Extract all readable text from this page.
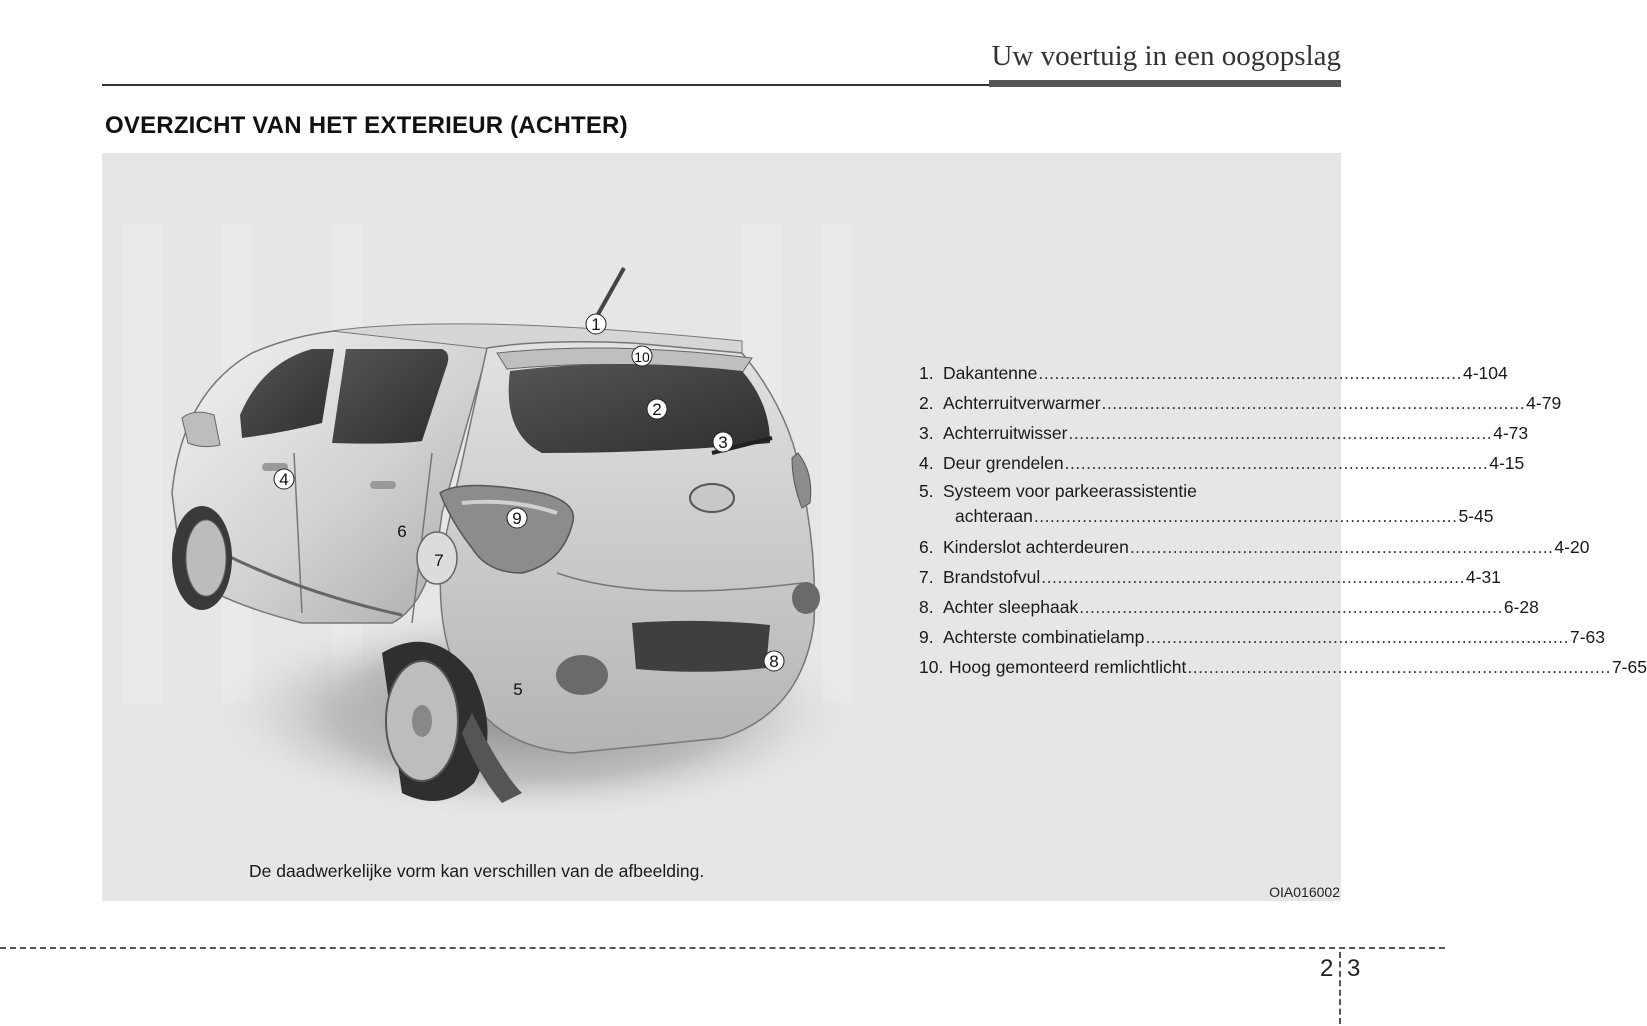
Uw voertuig in een oogopslag
OVERZICHT VAN HET EXTERIEUR (ACHTER)
1
10
2
3
4
6
9
7
8
5
1. Dakantenne ............................................................................... 4-104
2. Achterruitverwarmer ............................................................................... 4-79
3. Achterruitwisser ............................................................................... 4-73
4. Deur grendelen ............................................................................... 4-15
5. Systeem voor parkeerassistentie
achteraan ............................................................................... 5-45
6. Kinderslot achterdeuren ............................................................................... 4-20
7. Brandstofvul ............................................................................... 4-31
8. Achter sleephaak ............................................................................... 6-28
9. Achterste combinatielamp ............................................................................... 7-63
10. Hoog gemonteerd remlichtlicht ............................................................................... 7-65
De daadwerkelijke vorm kan verschillen van de afbeelding.
OIA016002
2 3
